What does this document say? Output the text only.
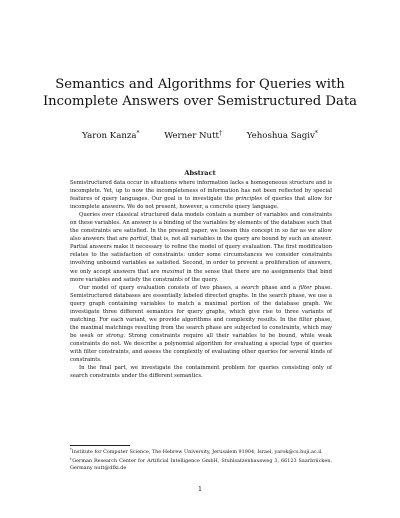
Semantics and Algorithms for Queries with
Incomplete Answers over Semistructured Data
Yaron Kanza*	Werner Nutt†	Yehoshua Sagiv*
Abstract

Semistructured data occur in situations where information lacks a homogeneous structure and is incomplete. Yet, up to now the incompleteness of information has not been reflected by special features of query languages. Our goal is to investigate the principles of queries that allow for incomplete answers. We do not present, however, a concrete query language.

Queries over classical structured data models contain a number of variables and constraints on these variables. An answer is a binding of the variables by elements of the database such that the constraints are satisfied. In the present paper, we loosen this concept in so far as we allow also answers that are partial, that is, not all variables in the query are bound by such an answer. Partial answers make it necessary to refine the model of query evaluation. The first modification relates to the satisfaction of constraints: under some circumstances we consider constraints involving unbound variables as satisfied. Second, in order to prevent a proliferation of answers, we only accept answers that are maximal in the sense that there are no assignments that bind more variables and satisfy the constraints of the query.

Our model of query evaluation consists of two phases, a search phase and a filter phase. Semistructured databases are essentially labeled directed graphs. In the search phase, we use a query graph containing variables to match a maximal portion of the database graph. We investigate three different semantics for query graphs, which give rise to three variants of matching. For each variant, we provide algorithms and complexity results. In the filter phase, the maximal matchings resulting from the search phase are subjected to constraints, which may be weak or strong. Strong constraints require all their variables to be bound, while weak constraints do not. We describe a polynomial algorithm for evaluating a special type of queries with filter constraints, and assess the complexity of evaluating other queries for several kinds of constraints.

In the final part, we investigate the containment problem for queries consisting only of search constraints under the different semantics.

*Institute for Computer Science, The Hebrew University, Jerusalem 91904, Israel, yarok@cs.huji.ac.il

†German Research Center for Artificial Intelligence GmbH, Stuhlsatzenhausweg 3, 66123 Saarbrücken, Germany nutt@dfki.de

1
